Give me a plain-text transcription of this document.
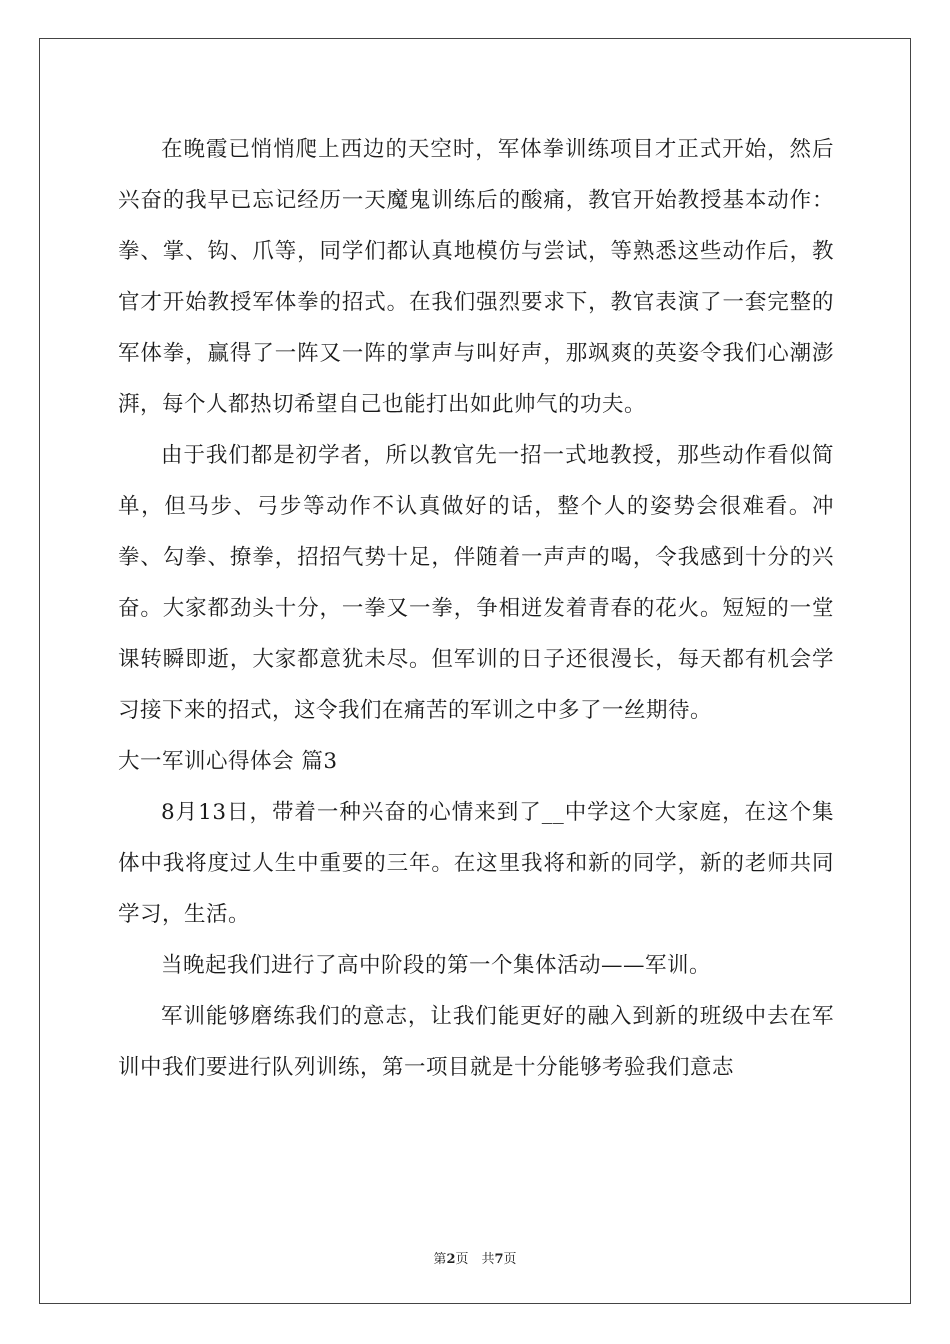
在晚霞已悄悄爬上西边的天空时，军体拳训练项目才正式开始，然后兴奋的我早已忘记经历一天魔鬼训练后的酸痛，教官开始教授基本动作：拳、掌、钩、爪等，同学们都认真地模仿与尝试，等熟悉这些动作后，教官才开始教授军体拳的招式。在我们强烈要求下，教官表演了一套完整的军体拳，赢得了一阵又一阵的掌声与叫好声，那飒爽的英姿令我们心潮澎湃，每个人都热切希望自己也能打出如此帅气的功夫。

由于我们都是初学者，所以教官先一招一式地教授，那些动作看似简单，但马步、弓步等动作不认真做好的话，整个人的姿势会很难看。冲拳、勾拳、撩拳，招招气势十足，伴随着一声声的喝，令我感到十分的兴奋。大家都劲头十分，一拳又一拳，争相迸发着青春的花火。短短的一堂课转瞬即逝，大家都意犹未尽。但军训的日子还很漫长，每天都有机会学习接下来的招式，这令我们在痛苦的军训之中多了一丝期待。

大一军训心得体会 篇3

8月13日，带着一种兴奋的心情来到了__中学这个大家庭，在这个集体中我将度过人生中重要的三年。在这里我将和新的同学，新的老师共同学习，生活。

当晚起我们进行了高中阶段的第一个集体活动——军训。

军训能够磨练我们的意志，让我们能更好的融入到新的班级中去在军训中我们要进行队列训练，第一项目就是十分能够考验我们意志

第2页　共7页
